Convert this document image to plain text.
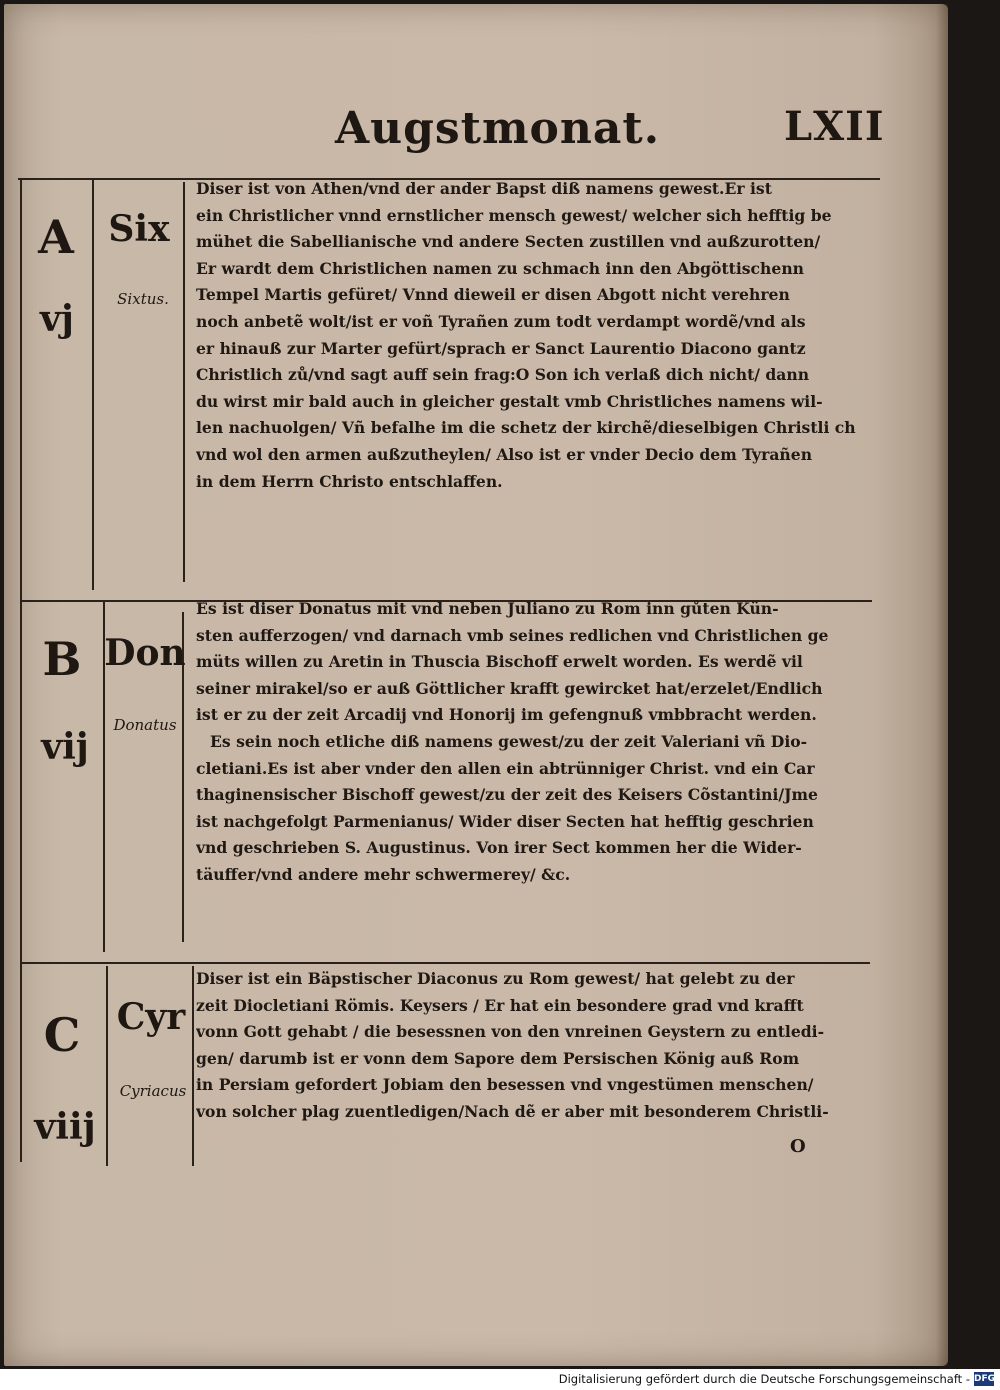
Augstmonat.	LXII
A
vj
Six
Sixtus.
Diser ist von Athen/vnd der ander Bapst diß namens gewest.Er ist
ein Christlicher vnnd ernstlicher mensch gewest/ welcher sich hefftig be
mühet die Sabellianische vnd andere Secten zustillen vnd außzurotten/
Er wardt dem Christlichen namen zu schmach inn den Abgöttischenn
Tempel Martis gefüret/ Vnnd dieweil er disen Abgott nicht verehren
noch anbetẽ wolt/ist er voñ Tyrañen zum todt verdampt wordẽ/vnd als
er hinauß zur Marter gefürt/sprach er Sanct Laurentio Diacono gantz
Christlich zů/vnd sagt auff sein frag:O Son ich verlaß dich nicht/ dann
du wirst mir bald auch in gleicher gestalt vmb Christliches namens wil-
len nachuolgen/ Vñ befalhe im die schetz der kirchẽ/dieselbigen Christli ch
vnd wol den armen außzutheylen/ Also ist er vnder Decio dem Tyrañen
in dem Herrn Christo entschlaffen.
B
vij
Don
Donatus
Es ist diser Donatus mit vnd neben Juliano zu Rom inn gůten Kün-
sten aufferzogen/ vnd darnach vmb seines redlichen vnd Christlichen ge
müts willen zu Aretin in Thuscia Bischoff erwelt worden. Es werdẽ vil
seiner mirakel/so er auß Göttlicher krafft gewircket hat/erzelet/Endlich
ist er zu der zeit Arcadij vnd Honorij im gefengnuß vmbbracht werden.
Es sein noch etliche diß namens gewest/zu der zeit Valeriani vñ Dio-
cletiani.Es ist aber vnder den allen ein abtrünniger Christ. vnd ein Car
thaginensischer Bischoff gewest/zu der zeit des Keisers Cõstantini/Jme
ist nachgefolgt Parmenianus/ Wider diser Secten hat hefftig geschrien
vnd geschrieben S. Augustinus. Von irer Sect kommen her die Wider-
täuffer/vnd andere mehr schwermerey/ &c.
C
viij
Cyr
Cyriacus
Diser ist ein Bäpstischer Diaconus zu Rom gewest/ hat gelebt zu der
zeit Diocletiani Römis. Keysers / Er hat ein besondere grad vnd krafft
vonn Gott gehabt / die besessnen von den vnreinen Geystern zu entledi-
gen/ darumb ist er vonn dem Sapore dem Persischen König auß Rom
in Persiam gefordert Jobiam den besessen vnd vngestümen menschen/
von solcher plag zuentledigen/Nach dẽ er aber mit besonderem Christli-
O
Digitalisierung gefördert durch die Deutsche Forschungsgemeinschaft - DFG
